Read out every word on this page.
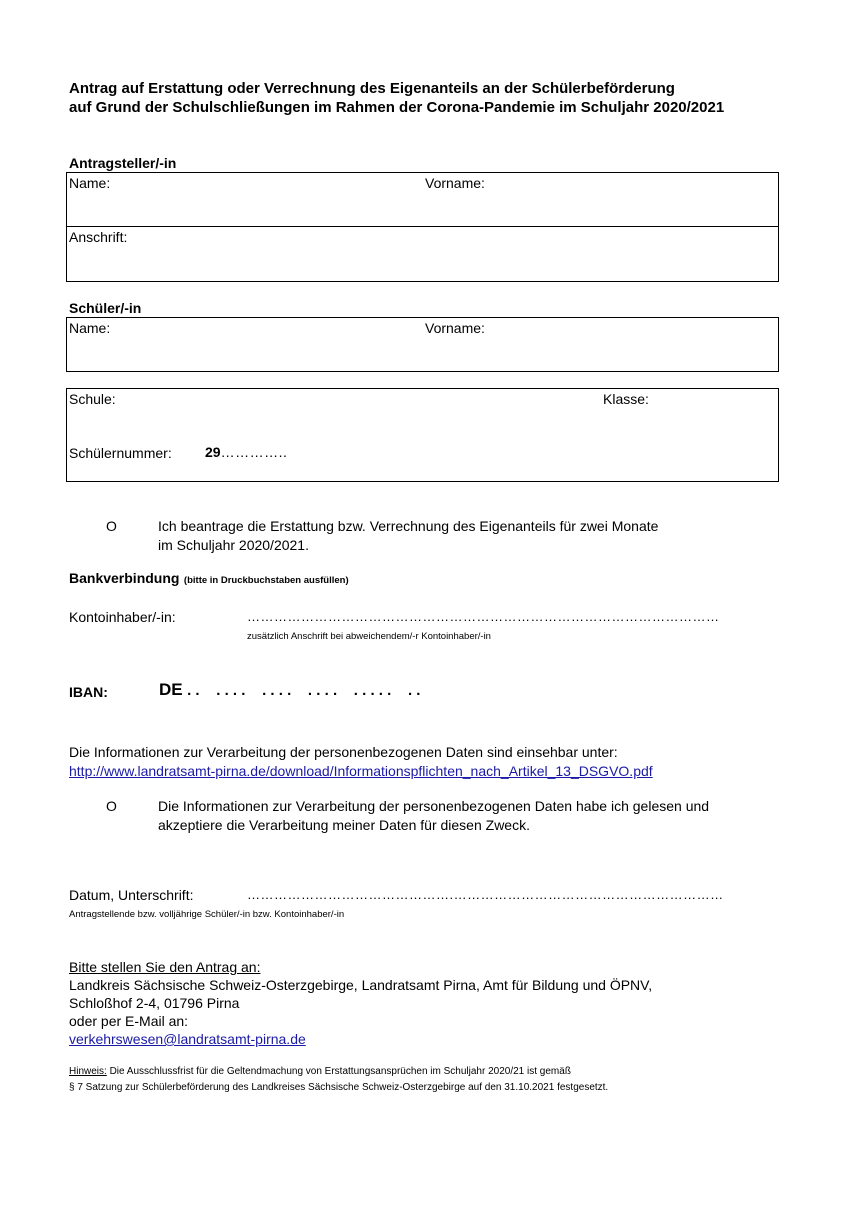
Antrag auf Erstattung oder Verrechnung des Eigenanteils an der Schülerbeförderung
auf Grund der Schulschließungen im Rahmen der Corona-Pandemie im Schuljahr 2020/2021
Antragsteller/-in
Name:	Vorname:
Anschrift:
Schüler/-in
Name:	Vorname:
Schule:	Klasse:
Schülernummer: 29…………..
O	Ich beantrage die Erstattung bzw. Verrechnung des Eigenanteils für zwei Monate
im Schuljahr 2020/2021.
Bankverbindung (bitte in Druckbuchstaben ausfüllen)
Kontoinhaber/-in:	……………………………………………………………………………………………
zusätzlich Anschrift bei abweichendem/-r Kontoinhaber/-in
IBAN:	DE . .    . . . .    . . . .    . . . .    . . . . .    . .
Die Informationen zur Verarbeitung der personenbezogenen Daten sind einsehbar unter:
http://www.landratsamt-pirna.de/download/Informationspflichten_nach_Artikel_13_DSGVO.pdf
O	Die Informationen zur Verarbeitung der personenbezogenen Daten habe ich gelesen und
akzeptiere die Verarbeitung meiner Daten für diesen Zweck.
Datum, Unterschrift:	……………………………………….……………………………………………………
Antragstellende bzw. volljährige Schüler/-in bzw. Kontoinhaber/-in
Bitte stellen Sie den Antrag an:
Landkreis Sächsische Schweiz-Osterzgebirge, Landratsamt Pirna, Amt für Bildung und ÖPNV,
Schloßhof 2-4, 01796 Pirna
oder per E-Mail an:
verkehrswesen@landratsamt-pirna.de
Hinweis: Die Ausschlussfrist für die Geltendmachung von Erstattungsansprüchen im Schuljahr 2020/21 ist gemäß
§ 7 Satzung zur Schülerbeförderung des Landkreises Sächsische Schweiz-Osterzgebirge auf den 31.10.2021 festgesetzt.
